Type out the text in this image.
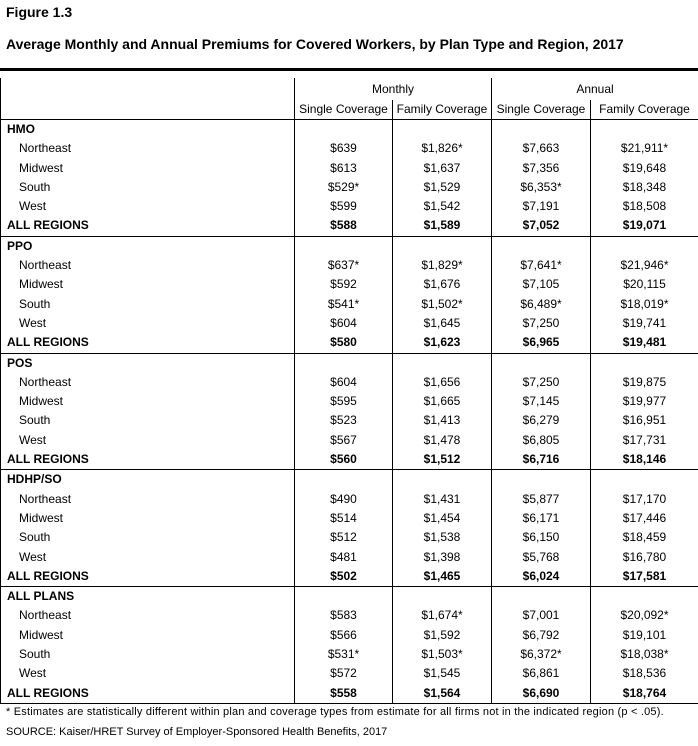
Figure 1.3
Average Monthly and Annual Premiums for Covered Workers, by Plan Type and Region, 2017
	Monthly		Annual	
	Single Coverage	Family Coverage	Single Coverage	Family Coverage
HMO				
Northeast	$639	$1,826*	$7,663	$21,911*
Midwest	$613	$1,637	$7,356	$19,648
South	$529*	$1,529	$6,353*	$18,348
West	$599	$1,542	$7,191	$18,508
ALL REGIONS	$588	$1,589	$7,052	$19,071
PPO				
Northeast	$637*	$1,829*	$7,641*	$21,946*
Midwest	$592	$1,676	$7,105	$20,115
South	$541*	$1,502*	$6,489*	$18,019*
West	$604	$1,645	$7,250	$19,741
ALL REGIONS	$580	$1,623	$6,965	$19,481
POS				
Northeast	$604	$1,656	$7,250	$19,875
Midwest	$595	$1,665	$7,145	$19,977
South	$523	$1,413	$6,279	$16,951
West	$567	$1,478	$6,805	$17,731
ALL REGIONS	$560	$1,512	$6,716	$18,146
HDHP/SO				
Northeast	$490	$1,431	$5,877	$17,170
Midwest	$514	$1,454	$6,171	$17,446
South	$512	$1,538	$6,150	$18,459
West	$481	$1,398	$5,768	$16,780
ALL REGIONS	$502	$1,465	$6,024	$17,581
ALL PLANS				
Northeast	$583	$1,674*	$7,001	$20,092*
Midwest	$566	$1,592	$6,792	$19,101
South	$531*	$1,503*	$6,372*	$18,038*
West	$572	$1,545	$6,861	$18,536
ALL REGIONS	$558	$1,564	$6,690	$18,764
* Estimates are statistically different within plan and coverage types from estimate for all firms not in the indicated region (p < .05).
SOURCE: Kaiser/HRET Survey of Employer-Sponsored Health Benefits, 2017
